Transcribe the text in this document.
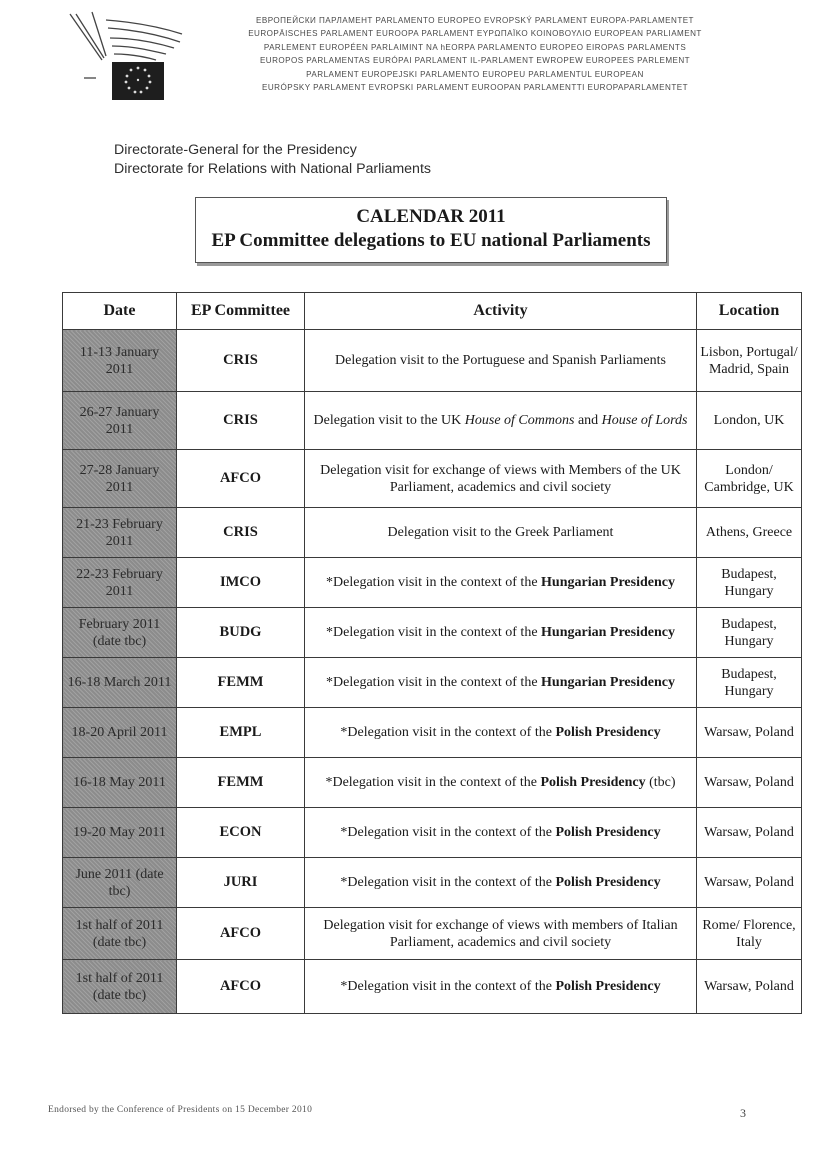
ЕВРОПЕЙСКИ ПАРЛАМЕНТ PARLAMENTO EUROPEO EVROPSKÝ PARLAMENT EUROPA-PARLAMENTET
EUROPÄISCHES PARLAMENT EUROOPA PARLAMENT ΕΥΡΩΠΑΪΚΟ ΚΟΙΝΟΒΟΥΛΙΟ EUROPEAN PARLIAMENT
PARLEMENT EUROPÉEN PARLAIMINT NA hEORPA PARLAMENTO EUROPEO EIROPAS PARLAMENTS
EUROPOS PARLAMENTAS EURÓPAI PARLAMENT IL-PARLAMENT EWROPEW EUROPEES PARLEMENT
PARLAMENT EUROPEJSKI PARLAMENTO EUROPEU PARLAMENTUL EUROPEAN
EURÓPSKY PARLAMENT EVROPSKI PARLAMENT EUROOPAN PARLAMENTTI EUROPAPARLAMENTET
Directorate-General for the Presidency
Directorate for Relations with National Parliaments
CALENDAR 2011
EP Committee delegations to EU national Parliaments
Date	EP Committee	Activity	Location
11-13 January 2011	CRIS	Delegation visit to the Portuguese and Spanish Parliaments	Lisbon, Portugal/ Madrid, Spain
26-27 January 2011	CRIS	Delegation visit to the UK House of Commons and House of Lords	London, UK
27-28 January 2011	AFCO	Delegation visit for exchange of views with Members of the UK Parliament, academics and civil society	London/ Cambridge, UK
21-23 February 2011	CRIS	Delegation visit to the Greek Parliament	Athens, Greece
22-23 February 2011	IMCO	*Delegation visit in the context of the Hungarian Presidency	Budapest, Hungary
February 2011 (date tbc)	BUDG	*Delegation visit in the context of the Hungarian Presidency	Budapest, Hungary
16-18 March 2011	FEMM	*Delegation visit in the context of the Hungarian Presidency	Budapest, Hungary
18-20 April 2011	EMPL	*Delegation visit in the context of the Polish Presidency	Warsaw, Poland
16-18 May 2011	FEMM	*Delegation visit in the context of the Polish Presidency (tbc)	Warsaw, Poland
19-20 May 2011	ECON	*Delegation visit in the context of the Polish Presidency	Warsaw, Poland
June 2011 (date tbc)	JURI	*Delegation visit in the context of the Polish Presidency	Warsaw, Poland
1st half of 2011 (date tbc)	AFCO	Delegation visit for exchange of views with members of Italian Parliament, academics and civil society	Rome/ Florence, Italy
1st half of 2011 (date tbc)	AFCO	*Delegation visit in the context of the Polish Presidency	Warsaw, Poland
Endorsed by the Conference of Presidents on 15 December 2010	3
